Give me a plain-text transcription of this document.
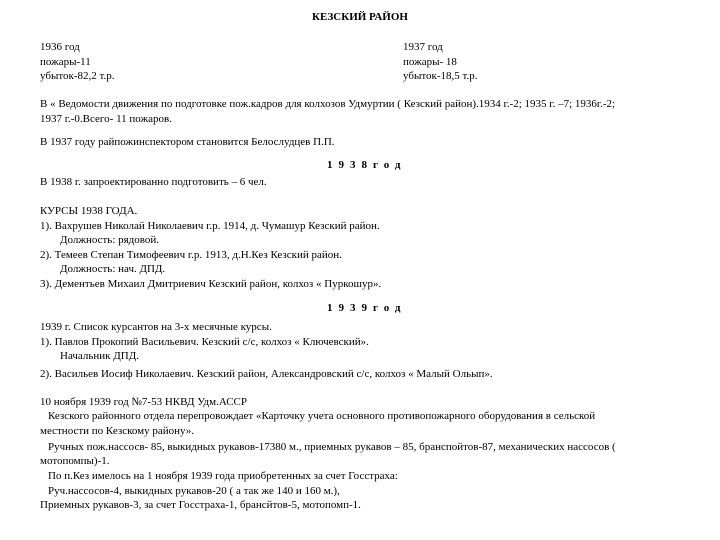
КЕЗСКИЙ РАЙОН
1936 год
пожары-11
убыток-82,2 т.р.
1937 год
пожары- 18
убыток-18,5 т.р.
В « Ведомости движения по подготовке пож.кадров для колхозов Удмуртии ( Кезский район).1934 г.-2; 1935 г. –7; 1936г.-2;
1937 г.-0.Всего- 11 пожаров.
В 1937 году райпожинспектором становится Белослудцев П.П.
1938год
В 1938 г. запроектированно подготовить – 6 чел.
КУРСЫ 1938 ГОДА.
1). Вахрушев Николай Николаевич г.р. 1914, д. Чумашур Кезский район.
Должность: рядовой.
2). Темеев Степан Тимофеевич г.р. 1913, д.Н.Кез Кезский район.
Должность: нач. ДПД.
3). Дементьев Михаил Дмитриевич Кезский район, колхоз « Пуркошур».
1939год
1939 г. Список курсантов на 3-х месячные курсы.
1). Павлов Прокопий Васильевич. Кезский с/с, колхоз « Ключевский».
Начальник ДПД.
2). Васильев Иосиф Николаевич. Кезский район, Александровский с/с, колхоз « Малый Ольып».
10 ноября 1939 год №7-53 НКВД Удм.АССР
Кезского районного отдела перепровождает «Карточку учета основного противопожарного оборудования в сельской
местности по Кезскому району».
Ручных пож.нассосв- 85, выкидных рукавов-17380 м., приемных рукавов – 85, бранспойтов-87, механических нассосов (
мотопомпы)-1.
По п.Кез имелось на 1 ноября 1939 года приобретенных за счет Госстраха:
Руч.нассосов-4, выкидных рукавов-20 ( а так же 140 и 160 м.),
Приемных рукавов-3, за счет Госстраха-1, брансйтов-5, мотопомп-1.
